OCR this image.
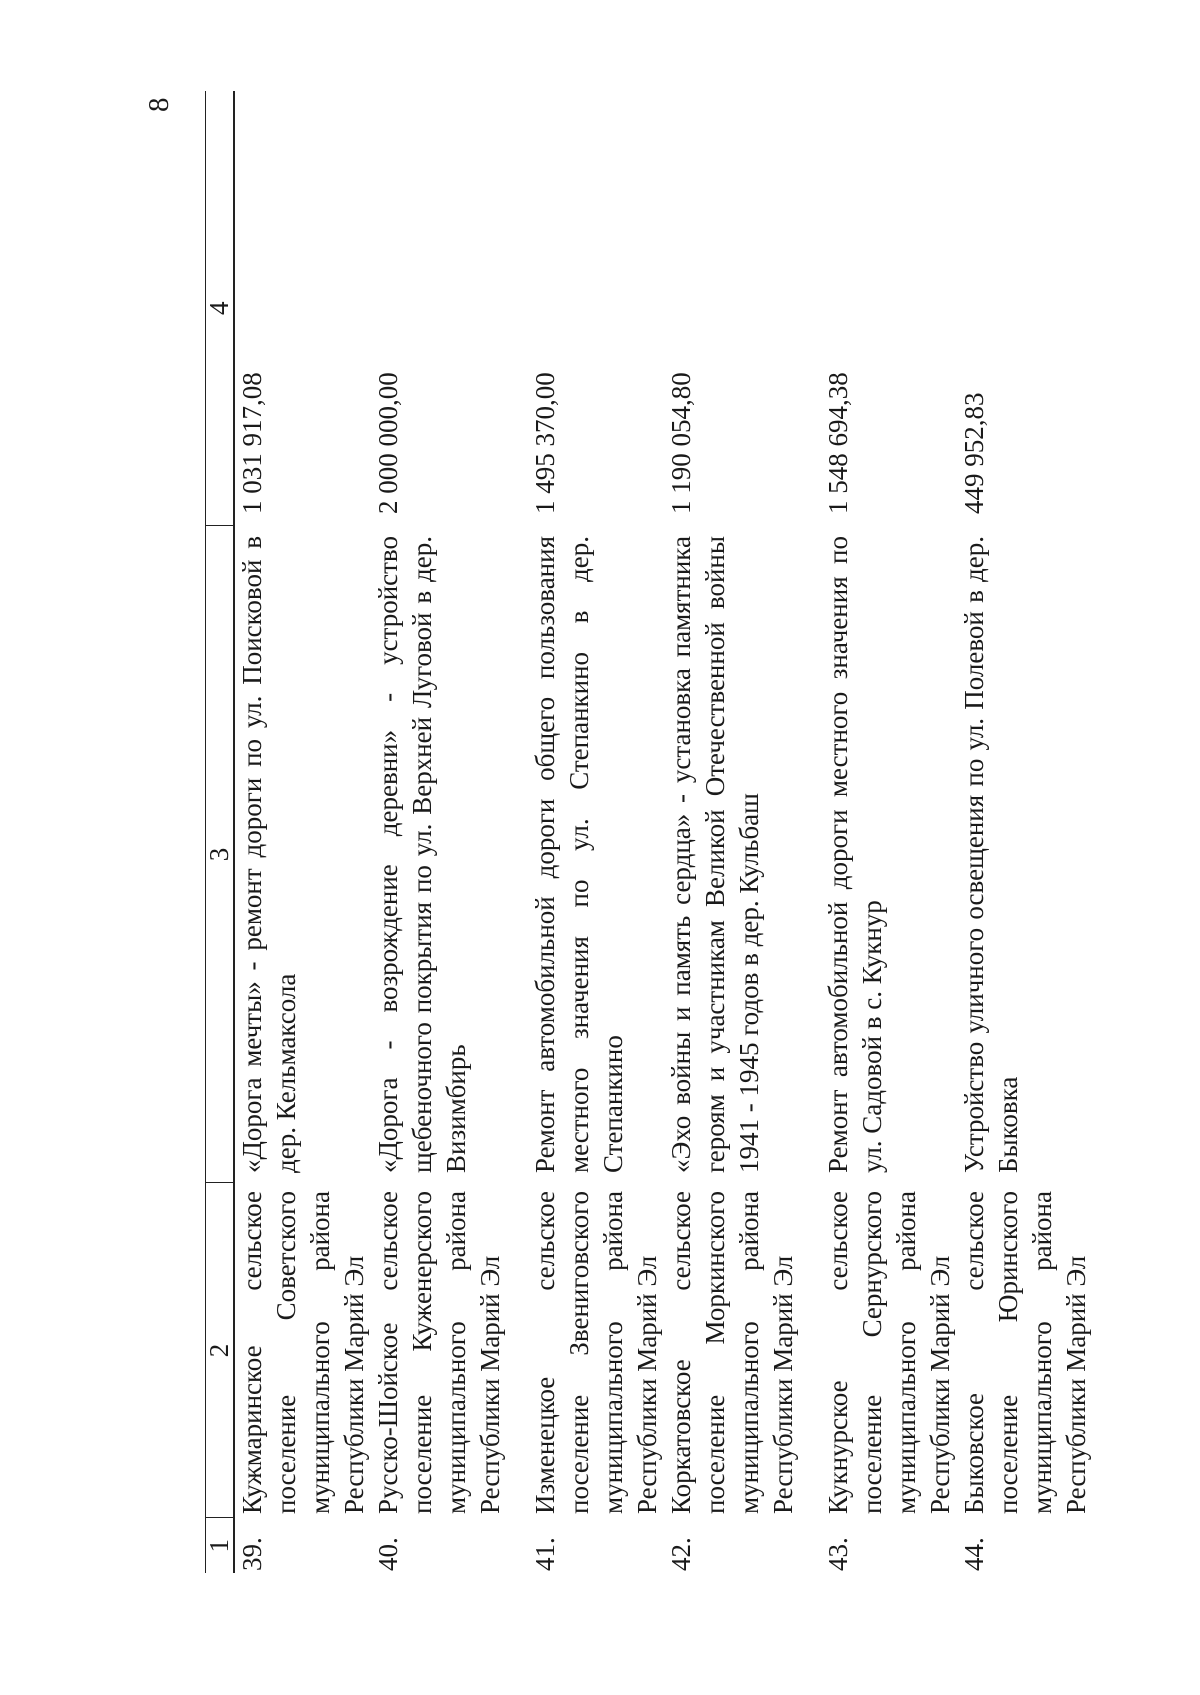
8
1	2	3	4
39.	Кужмаринское сельское поселение Советского муниципального района Республики Марий Эл	«Дорога мечты» - ремонт дороги по ул. Поисковой в дер. Кельмаксола	1 031 917,08
40.	Русско-Шойское сельское поселение Куженерского муниципального района Республики Марий Эл	«Дорога - возрождение деревни» - устройство щебеночного покрытия по ул. Верхней Луговой в дер. Визимбирь	2 000 000,00
41.	Изменецкое сельское поселение Звениговского муниципального района Республики Марий Эл	Ремонт автомобильной дороги общего пользования местного значения по ул. Степанкино в дер. Степанкино	1 495 370,00
42.	Коркатовское сельское поселение Моркинского муниципального района Республики Марий Эл	«Эхо войны и память сердца» - установка памятника героям и участникам Великой Отечественной войны 1941 - 1945 годов в дер. Кульбаш	1 190 054,80
43.	Кукнурское сельское поселение Сернурского муниципального района Республики Марий Эл	Ремонт автомобильной дороги местного значения по ул. Садовой в с. Кукнур	1 548 694,38
44.	Быковское сельское поселение Юринского муниципального района Республики Марий Эл	Устройство уличного освещения по ул. Полевой в дер. Быковка	449 952,83
